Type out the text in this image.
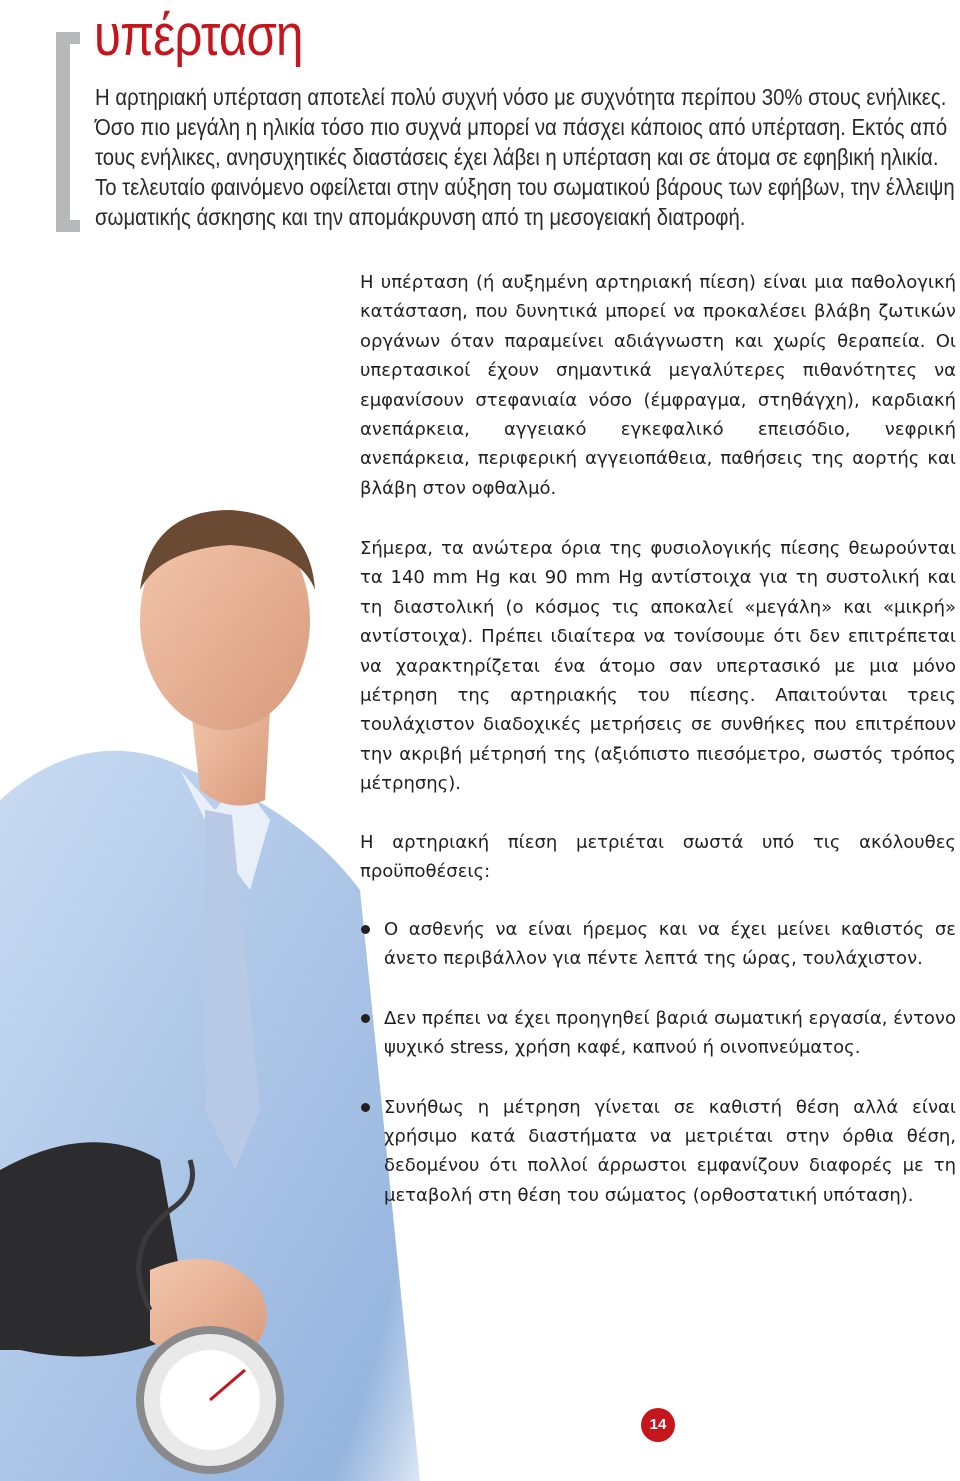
υπέρταση
Η αρτηριακή υπέρταση αποτελεί πολύ συχνή νόσο με συχνότητα περίπου 30% στους ενήλικες.
Όσο πιο μεγάλη η ηλικία τόσο πιο συχνά μπορεί να πάσχει κάποιος από υπέρταση. Εκτός από
τους ενήλικες, ανησυχητικές διαστάσεις έχει λάβει η υπέρταση και σε άτομα σε εφηβική ηλικία.
Το τελευταίο φαινόμενο οφείλεται στην αύξηση του σωματικού βάρους των εφήβων, την έλλειψη
σωματικής άσκησης και την απομάκρυνση από τη μεσογειακή διατροφή.

Η υπέρταση (ή αυξημένη αρτηριακή πίεση) είναι μια παθολογική κατάσταση, που δυνητικά μπορεί να προκαλέσει βλάβη ζωτικών οργάνων όταν παραμείνει αδιάγνωστη και χωρίς θεραπεία. Οι υπερτασικοί έχουν σημαντικά μεγαλύτερες πιθανότητες να εμφανίσουν στεφανιαία νόσο (έμφραγμα, στηθάγχη), καρδιακή ανεπάρκεια, αγγειακό εγκεφαλικό επεισόδιο, νεφρική ανεπάρκεια, περιφερική αγγειοπάθεια, παθήσεις της αορτής και βλάβη στον οφθαλμό.

Σήμερα, τα ανώτερα όρια της φυσιολογικής πίεσης θεωρούνται τα 140 mm Hg και 90 mm Hg αντίστοιχα για τη συστολική και τη διαστολική (ο κόσμος τις αποκαλεί «μεγάλη» και «μικρή» αντίστοιχα). Πρέπει ιδιαίτερα να τονίσουμε ότι δεν επιτρέπεται να χαρακτηρίζεται ένα άτομο σαν υπερτασικό με μια μόνο μέτρηση της αρτηριακής του πίεσης. Απαιτούνται τρεις τουλάχιστον διαδοχικές μετρήσεις σε συνθήκες που επιτρέπουν την ακριβή μέτρησή της (αξιόπιστο πιεσόμετρο, σωστός τρόπος μέτρησης).

Η αρτηριακή πίεση μετριέται σωστά υπό τις ακόλουθες προϋποθέσεις:

Ο ασθενής να είναι ήρεμος και να έχει μείνει καθιστός σε άνετο περιβάλλον για πέντε λεπτά της ώρας, τουλάχιστον.
Δεν πρέπει να έχει προηγηθεί βαριά σωματική εργασία, έντονο ψυχικό stress, χρήση καφέ, καπνού ή οινοπνεύματος.
Συνήθως η μέτρηση γίνεται σε καθιστή θέση αλλά είναι χρήσιμο κατά διαστήματα να μετριέται στην όρθια θέση, δεδομένου ότι πολλοί άρρωστοι εμφανίζουν διαφορές με τη μεταβολή στη θέση του σώματος (ορθοστατική υπόταση).
14
